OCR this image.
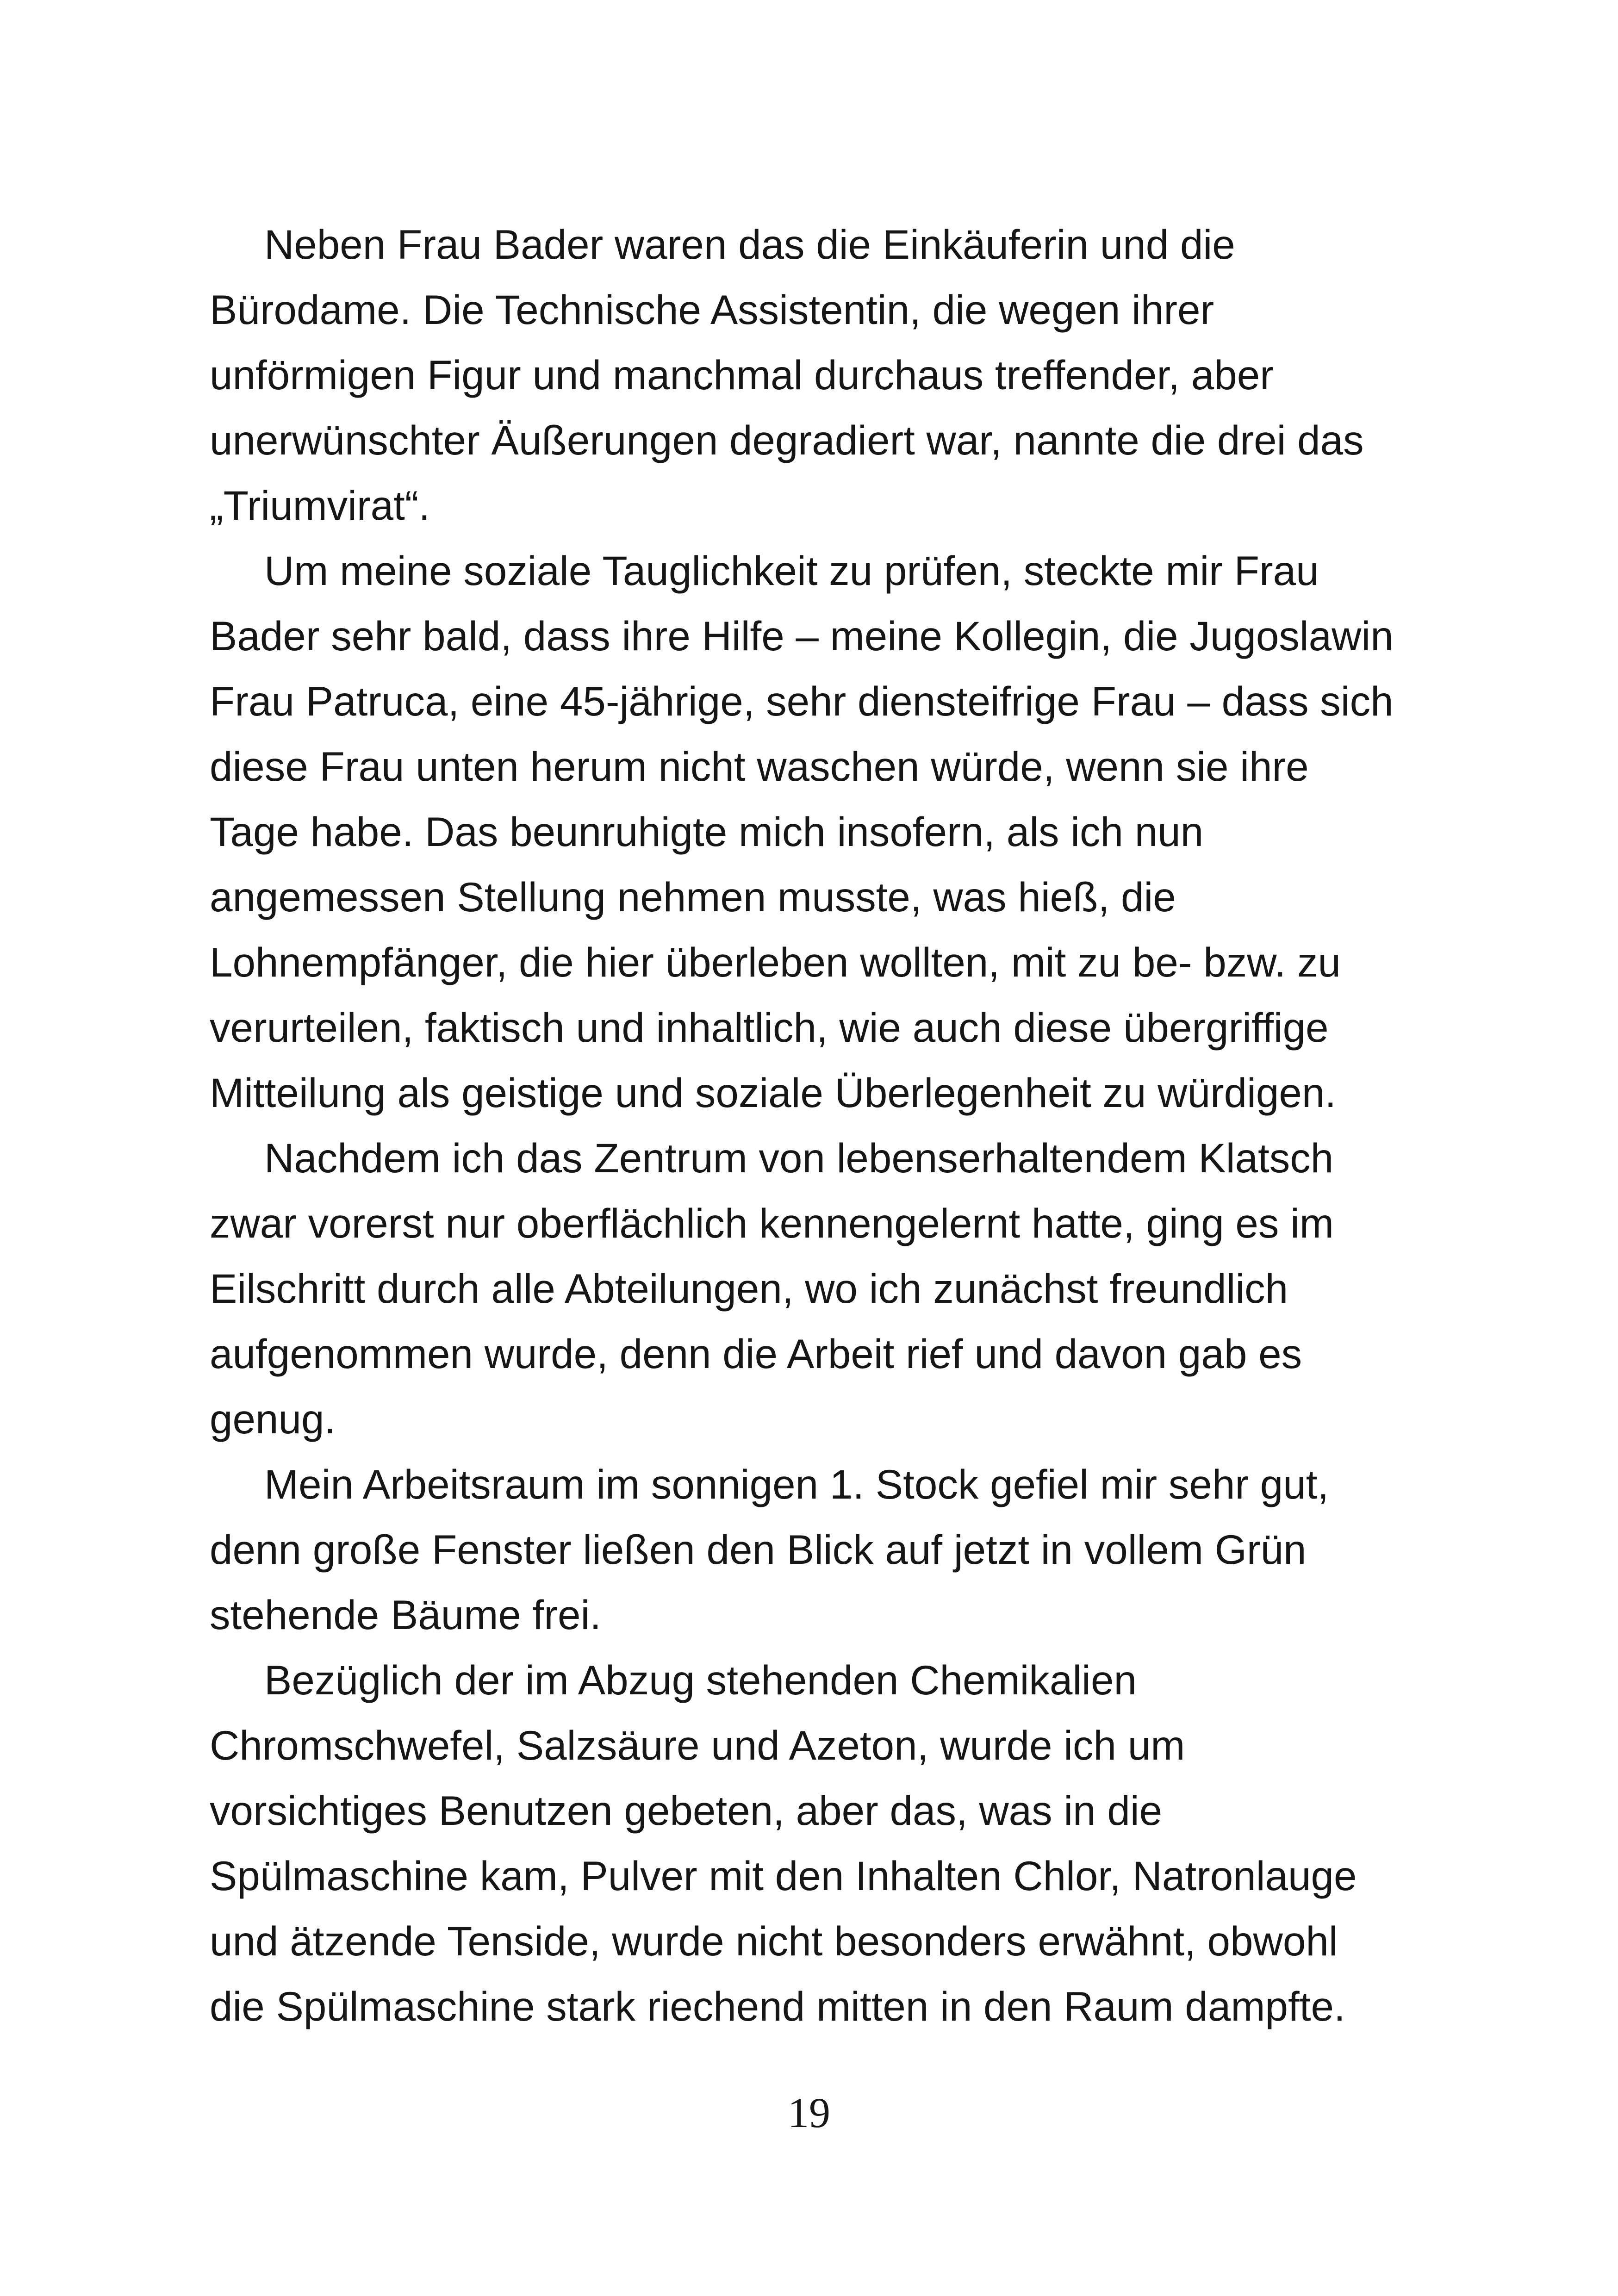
Neben Frau Bader waren das die Einkäuferin und die
Bürodame. Die Technische Assistentin, die wegen ihrer
unförmigen Figur und manchmal durchaus treffender, aber
unerwünschter Äußerungen degradiert war, nannte die drei das
„Triumvirat“.
Um meine soziale Tauglichkeit zu prüfen, steckte mir Frau
Bader sehr bald, dass ihre Hilfe – meine Kollegin, die Jugoslawin
Frau Patruca, eine 45-jährige, sehr diensteifrige Frau – dass sich
diese Frau unten herum nicht waschen würde, wenn sie ihre
Tage habe. Das beunruhigte mich insofern, als ich nun
angemessen Stellung nehmen musste, was hieß, die
Lohnempfänger, die hier überleben wollten, mit zu be- bzw. zu
verurteilen, faktisch und inhaltlich, wie auch diese übergriffige
Mitteilung als geistige und soziale Überlegenheit zu würdigen.
Nachdem ich das Zentrum von lebenserhaltendem Klatsch
zwar vorerst nur oberflächlich kennengelernt hatte, ging es im
Eilschritt durch alle Abteilungen, wo ich zunächst freundlich
aufgenommen wurde, denn die Arbeit rief und davon gab es
genug.
Mein Arbeitsraum im sonnigen 1. Stock gefiel mir sehr gut,
denn große Fenster ließen den Blick auf jetzt in vollem Grün
stehende Bäume frei.
Bezüglich der im Abzug stehenden Chemikalien
Chromschwefel, Salzsäure und Azeton, wurde ich um
vorsichtiges Benutzen gebeten, aber das, was in die
Spülmaschine kam, Pulver mit den Inhalten Chlor, Natronlauge
und ätzende Tenside, wurde nicht besonders erwähnt, obwohl
die Spülmaschine stark riechend mitten in den Raum dampfte.
19
